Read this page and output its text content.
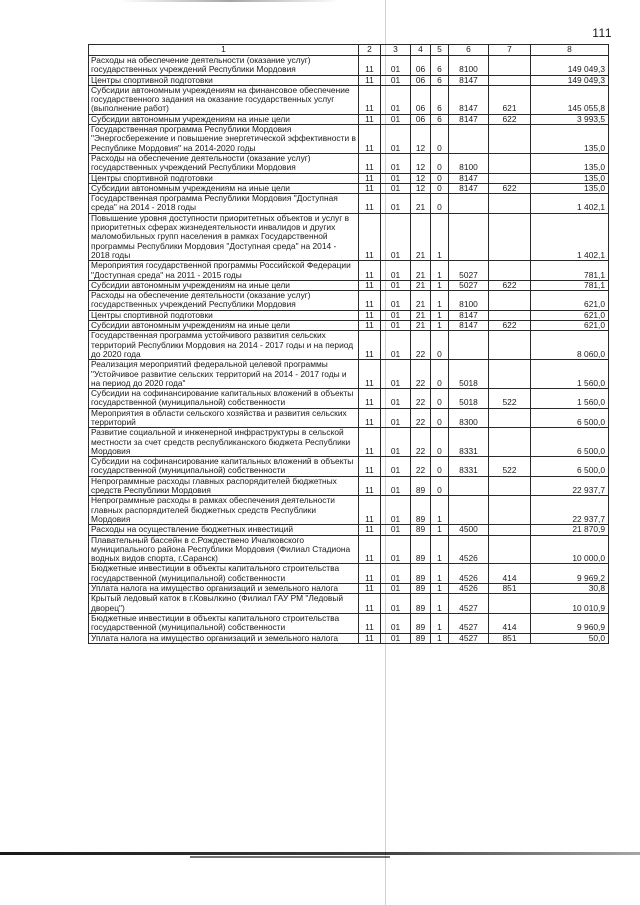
111
1	2	3	4	5	6	7	8
Расходы на обеспечение деятельности (оказание услуг) государственных учреждений Республики Мордовия	11	01	06	6	8100		149 049,3
Центры спортивной подготовки	11	01	06	6	8147		149 049,3
Субсидии автономным учреждениям на финансовое обеспечение государственного задания на оказание государственных услуг (выполнение работ)	11	01	06	6	8147	621	145 055,8
Субсидии автономным учреждениям на иные цели	11	01	06	6	8147	622	3 993,5
Государственная программа Республики Мордовия "Энергосбережение и повышение энергетической эффективности в Республике Мордовия" на 2014-2020 годы	11	01	12	0			135,0
Расходы на обеспечение деятельности (оказание услуг) государственных учреждений Республики Мордовия	11	01	12	0	8100		135,0
Центры спортивной подготовки	11	01	12	0	8147		135,0
Субсидии автономным учреждениям на иные цели	11	01	12	0	8147	622	135,0
Государственная программа Республики Мордовия "Доступная среда" на 2014 - 2018 годы	11	01	21	0			1 402,1
Повышение уровня доступности приоритетных объектов и услуг в приоритетных сферах жизнедеятельности инвалидов и других маломобильных групп населения в рамках Государственной программы Республики Мордовия "Доступная среда" на 2014 - 2018 годы	11	01	21	1			1 402,1
Мероприятия государственной программы Российской Федерации "Доступная среда" на 2011 - 2015 годы	11	01	21	1	5027		781,1
Субсидии автономным учреждениям на иные цели	11	01	21	1	5027	622	781,1
Расходы на обеспечение деятельности (оказание услуг) государственных учреждений Республики Мордовия	11	01	21	1	8100		621,0
Центры спортивной подготовки	11	01	21	1	8147		621,0
Субсидии автономным учреждениям на иные цели	11	01	21	1	8147	622	621,0
Государственная программа устойчивого развития сельских территорий Республики Мордовия на 2014 - 2017 годы и на период до 2020 года	11	01	22	0			8 060,0
Реализация мероприятий федеральной целевой программы "Устойчивое развитие сельских территорий на 2014 - 2017 годы и на период до 2020 года"	11	01	22	0	5018		1 560,0
Субсидии на софинансирование капитальных вложений в объекты государственной (муниципальной) собственности	11	01	22	0	5018	522	1 560,0
Мероприятия в области сельского хозяйства и развития сельских территорий	11	01	22	0	8300		6 500,0
Развитие социальной и инженерной инфраструктуры в сельской местности за счет средств республиканского бюджета Республики Мордовия	11	01	22	0	8331		6 500,0
Субсидии на софинансирование капитальных вложений в объекты государственной (муниципальной) собственности	11	01	22	0	8331	522	6 500,0
Непрограммные расходы главных распорядителей бюджетных средств Республики Мордовия	11	01	89	0			22 937,7
Непрограммные расходы в рамках обеспечения деятельности главных распорядителей бюджетных средств Республики Мордовия	11	01	89	1			22 937,7
Расходы на осуществление бюджетных инвестиций	11	01	89	1	4500		21 870,9
Плавательный бассейн в с.Рождествено Ичалковского муниципального района Республики Мордовия (Филиал Стадиона водных видов спорта, г.Саранск)	11	01	89	1	4526		10 000,0
Бюджетные инвестиции в объекты капитального строительства государственной (муниципальной) собственности	11	01	89	1	4526	414	9 969,2
Уплата налога на имущество организаций и земельного налога	11	01	89	1	4526	851	30,8
Крытый ледовый каток в г.Ковылкино (Филиал ГАУ РМ "Ледовый дворец")	11	01	89	1	4527		10 010,9
Бюджетные инвестиции в объекты капитального строительства государственной (муниципальной) собственности	11	01	89	1	4527	414	9 960,9
Уплата налога на имущество организаций и земельного налога	11	01	89	1	4527	851	50,0
